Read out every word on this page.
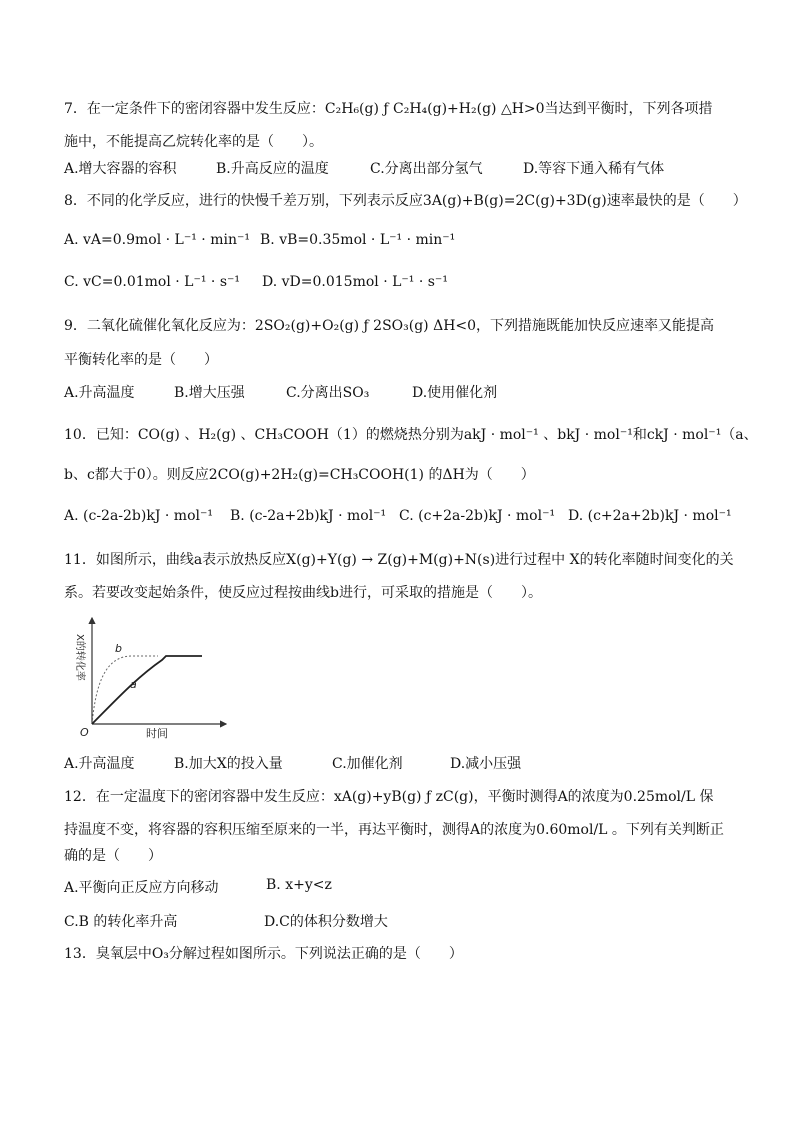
7．在一定条件下的密闭容器中发生反应：C₂H₆(g) ƒ C₂H₄(g)+H₂(g) △H>0当达到平衡时，下列各项措
施中，不能提高乙烷转化率的是（　　）。
A.增大容器的容积	B.升高反应的温度	C.分离出部分氢气	D.等容下通入稀有气体
8．不同的化学反应，进行的快慢千差万别，下列表示反应3A(g)+B(g)=2C(g)+3D(g)速率最快的是（　　）
A. vA=0.9mol · L⁻¹ · min⁻¹ B. vB=0.35mol · L⁻¹ · min⁻¹
C. vC=0.01mol · L⁻¹ · s⁻¹ D. vD=0.015mol · L⁻¹ · s⁻¹
9．二氧化硫催化氧化反应为：2SO₂(g)+O₂(g) ƒ 2SO₃(g) ΔH<0，下列措施既能加快反应速率又能提高
平衡转化率的是（　　）
A.升高温度	B.增大压强	C.分离出SO₃	D.使用催化剂
10．已知：CO(g) 、H₂(g) 、CH₃COOH（1）的燃烧热分别为akJ · mol⁻¹ 、bkJ · mol⁻¹和ckJ · mol⁻¹（a、
b、c都大于0）。则反应2CO(g)+2H₂(g)=CH₃COOH(1) 的ΔH为（　　）
A. (c-2a-2b)kJ · mol⁻¹ B. (c-2a+2b)kJ · mol⁻¹ C. (c+2a-2b)kJ · mol⁻¹ D. (c+2a+2b)kJ · mol⁻¹
11．如图所示，曲线a表示放热反应X(g)+Y(g) → Z(g)+M(g)+N(s)进行过程中 X的转化率随时间变化的关
系。若要改变起始条件，使反应过程按曲线b进行，可采取的措施是（　　）。
X的转化率
时间
O
b
a
A.升高温度	B.加大X的投入量	C.加催化剂	D.减小压强
12．在一定温度下的密闭容器中发生反应：xA(g)+yB(g) ƒ zC(g)，平衡时测得A的浓度为0.25mol/L 保
持温度不变，将容器的容积压缩至原来的一半，再达平衡时，测得A的浓度为0.60mol/L 。下列有关判断正
确的是（　　）
A.平衡向正反应方向移动	B. x+y<z
C.B 的转化率升高	D.C的体积分数增大
13．臭氧层中O₃分解过程如图所示。下列说法正确的是（　　）
